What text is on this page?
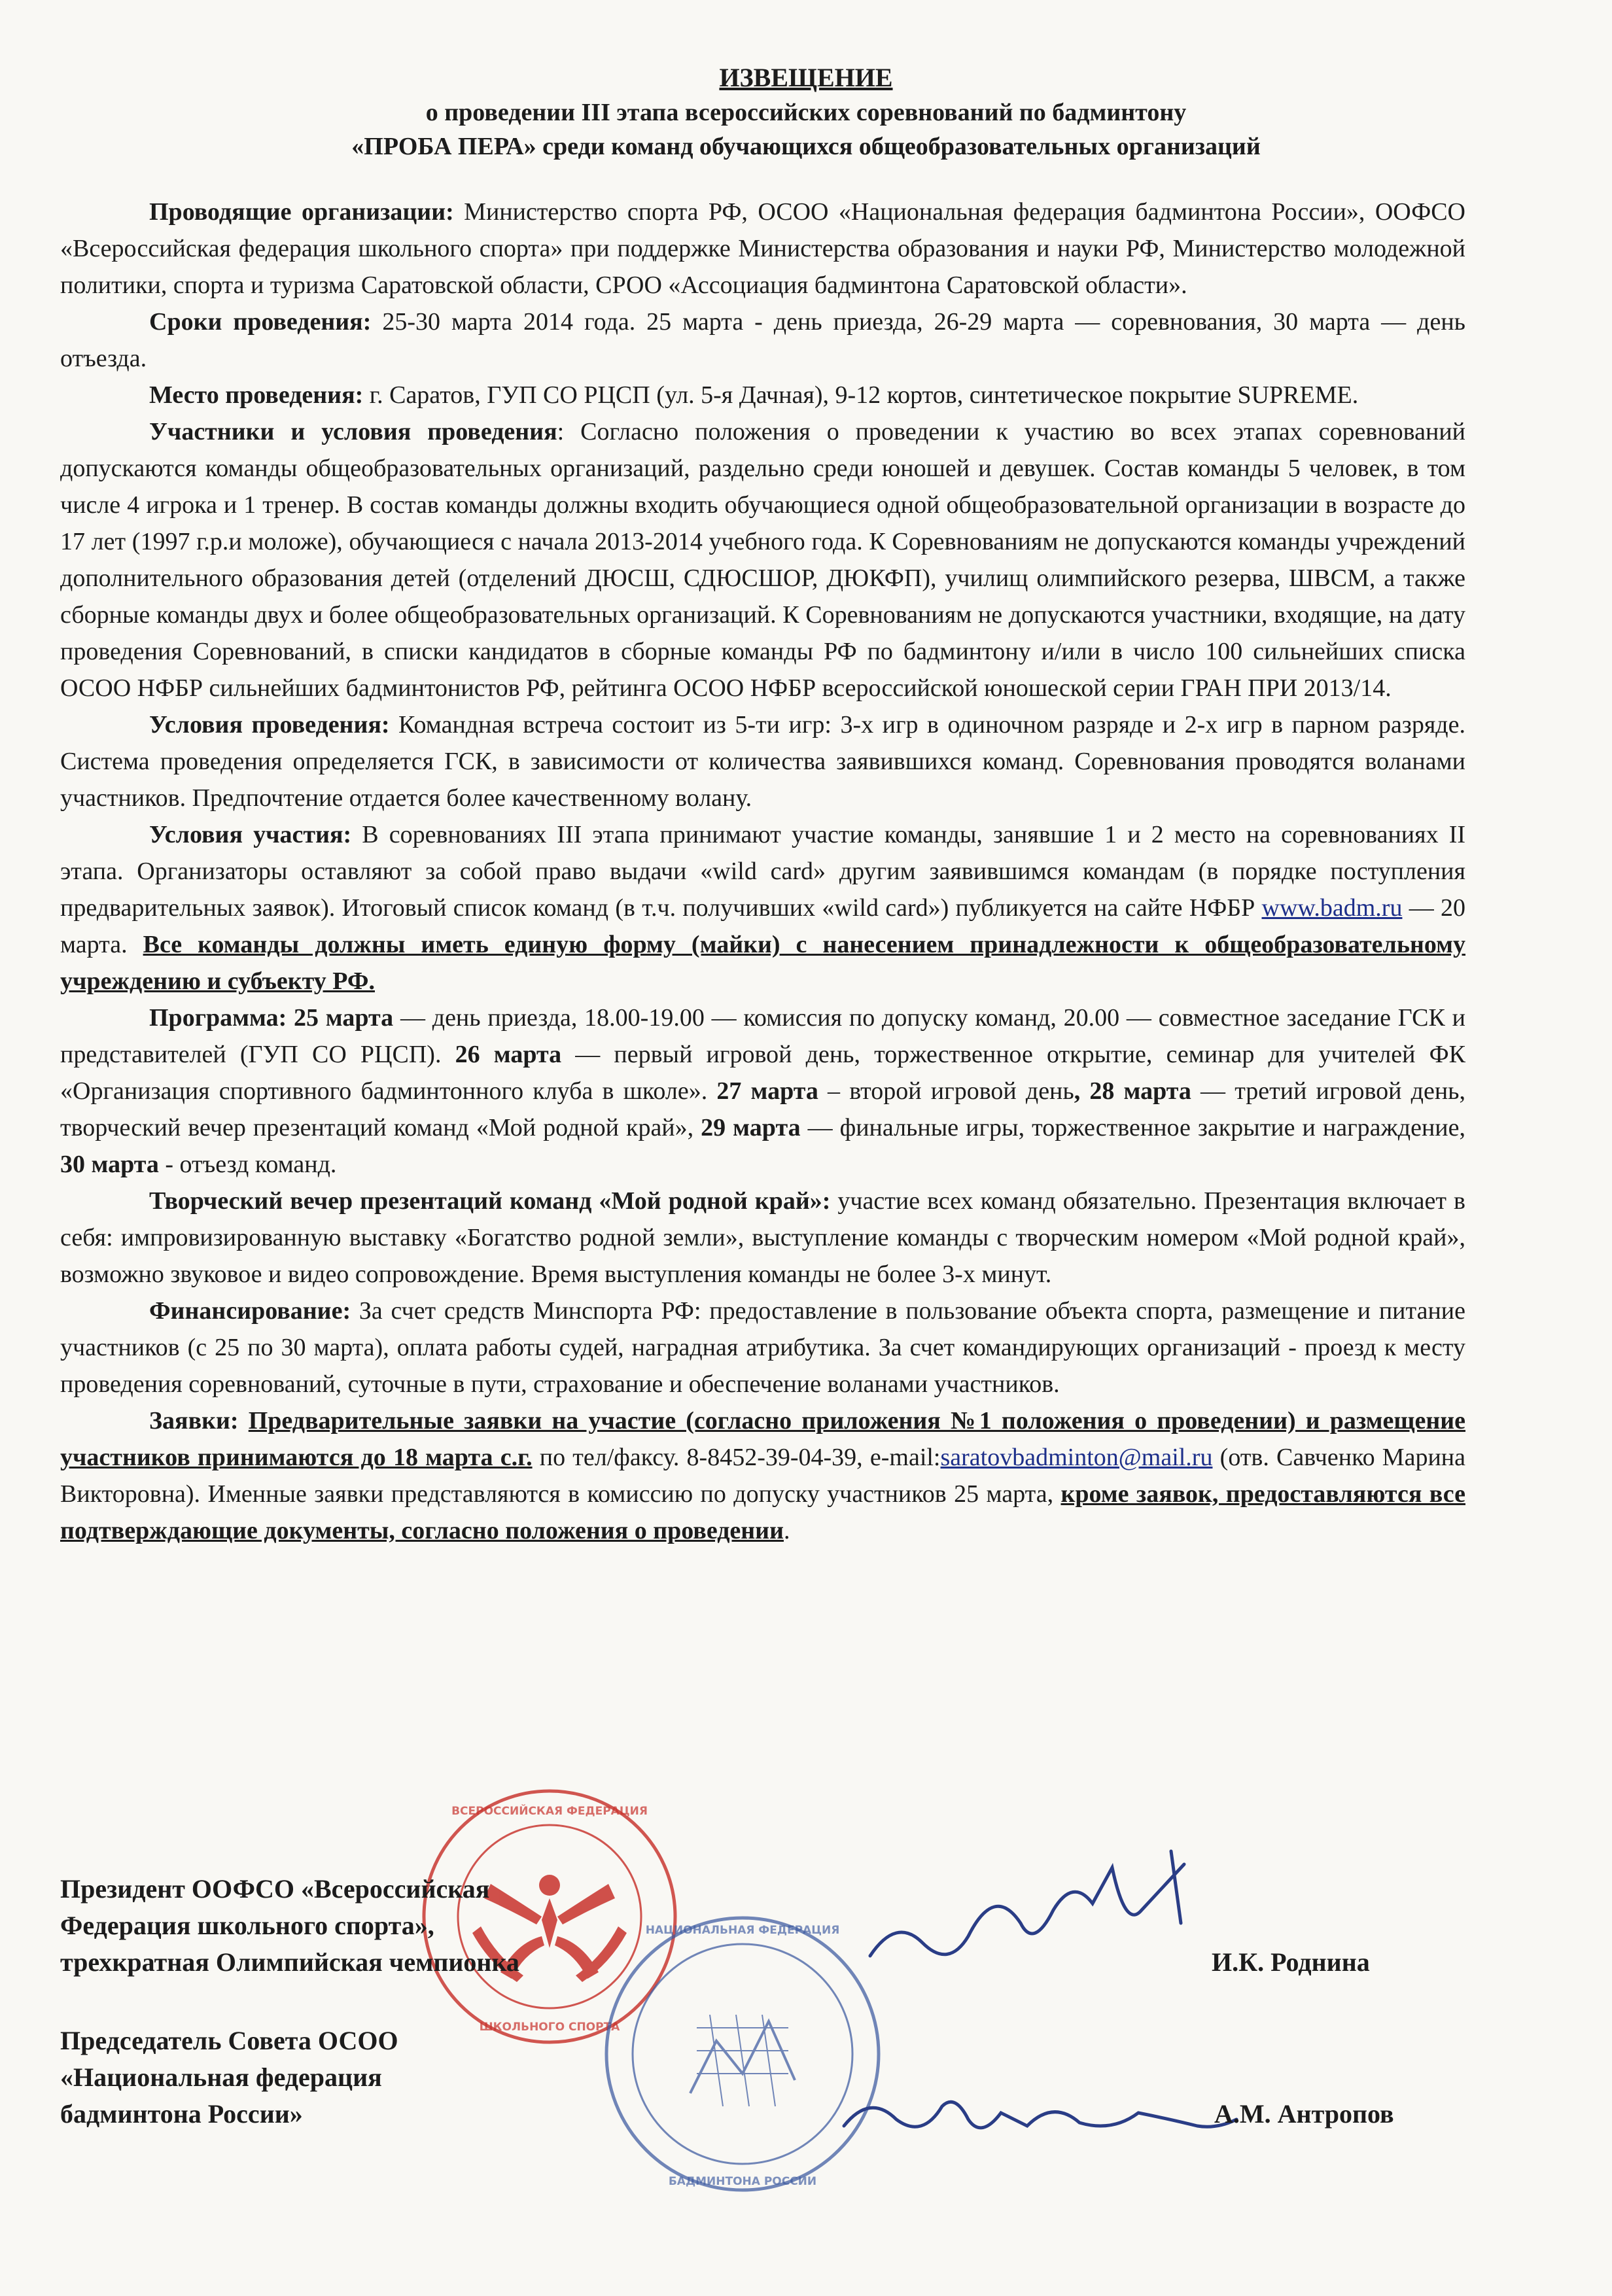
ИЗВЕЩЕНИЕ
о проведении III этапа всероссийских соревнований по бадминтону
«ПРОБА ПЕРА» среди команд обучающихся общеобразовательных организаций

Проводящие организации: Министерство спорта РФ, ОСОО «Национальная федерация бадминтона России», ООФСО «Всероссийская федерация школьного спорта» при поддержке Министерства образования и науки РФ, Министерство молодежной политики, спорта и туризма Саратовской области, СРОО «Ассоциация бадминтона Саратовской области».

Сроки проведения: 25-30 марта 2014 года. 25 марта - день приезда, 26-29 марта — соревнования, 30 марта — день отъезда.

Место проведения: г. Саратов, ГУП СО РЦСП (ул. 5-я Дачная), 9-12 кортов, синтетическое покрытие SUPREME.

Участники и условия проведения: Согласно положения о проведении к участию во всех этапах соревнований допускаются команды общеобразовательных организаций, раздельно среди юношей и девушек. Состав команды 5 человек, в том числе 4 игрока и 1 тренер. В состав команды должны входить обучающиеся одной общеобразовательной организации в возрасте до 17 лет (1997 г.р.и моложе), обучающиеся с начала 2013-2014 учебного года. К Соревнованиям не допускаются команды учреждений дополнительного образования детей (отделений ДЮСШ, СДЮСШОР, ДЮКФП), училищ олимпийского резерва, ШВСМ, а также сборные команды двух и более общеобразовательных организаций. К Соревнованиям не допускаются участники, входящие, на дату проведения Соревнований, в списки кандидатов в сборные команды РФ по бадминтону и/или в число 100 сильнейших списка ОСОО НФБР сильнейших бадминтонистов РФ, рейтинга ОСОО НФБР всероссийской юношеской серии ГРАН ПРИ 2013/14.

Условия проведения: Командная встреча состоит из 5-ти игр: 3-х игр в одиночном разряде и 2-х игр в парном разряде. Система проведения определяется ГСК, в зависимости от количества заявившихся команд. Соревнования проводятся воланами участников. Предпочтение отдается более качественному волану.

Условия участия: В соревнованиях III этапа принимают участие команды, занявшие 1 и 2 место на соревнованиях II этапа. Организаторы оставляют за собой право выдачи «wild card» другим заявившимся командам (в порядке поступления предварительных заявок). Итоговый список команд (в т.ч. получивших «wild card») публикуется на сайте НФБР www.badm.ru — 20 марта. Все команды должны иметь единую форму (майки) с нанесением принадлежности к общеобразовательному учреждению и субъекту РФ.

Программа: 25 марта — день приезда, 18.00-19.00 — комиссия по допуску команд, 20.00 — совместное заседание ГСК и представителей (ГУП СО РЦСП). 26 марта — первый игровой день, торжественное открытие, семинар для учителей ФК «Организация спортивного бадминтонного клуба в школе». 27 марта – второй игровой день, 28 марта — третий игровой день, творческий вечер презентаций команд «Мой родной край», 29 марта — финальные игры, торжественное закрытие и награждение, 30 марта - отъезд команд.

Творческий вечер презентаций команд «Мой родной край»: участие всех команд обязательно. Презентация включает в себя: импровизированную выставку «Богатство родной земли», выступление команды с творческим номером «Мой родной край», возможно звуковое и видео сопровождение. Время выступления команды не более 3-х минут.

Финансирование: За счет средств Минспорта РФ: предоставление в пользование объекта спорта, размещение и питание участников (с 25 по 30 марта), оплата работы судей, наградная атрибутика. За счет командирующих организаций - проезд к месту проведения соревнований, суточные в пути, страхование и обеспечение воланами участников.

Заявки: Предварительные заявки на участие (согласно приложения №1 положения о проведении) и размещение участников принимаются до 18 марта с.г. по тел/факсу. 8-8452-39-04-39, e-mail:saratovbadminton@mail.ru (отв. Савченко Марина Викторовна). Именные заявки представляются в комиссию по допуску участников 25 марта, кроме заявок, предоставляются все подтверждающие документы, согласно положения о проведении.

ВСЕРОССИЙСКАЯ ФЕДЕРАЦИЯ
ШКОЛЬНОГО СПОРТА
НАЦИОНАЛЬНАЯ ФЕДЕРАЦИЯ
БАДМИНТОНА РОССИИ
Президент ООФСО «Всероссийская
Федерация школьного спорта»,
трехкратная Олимпийская чемпионка	И.К. Роднина
Председатель Совета ОСОО
«Национальная федерация
бадминтона России»	А.М. Антропов
